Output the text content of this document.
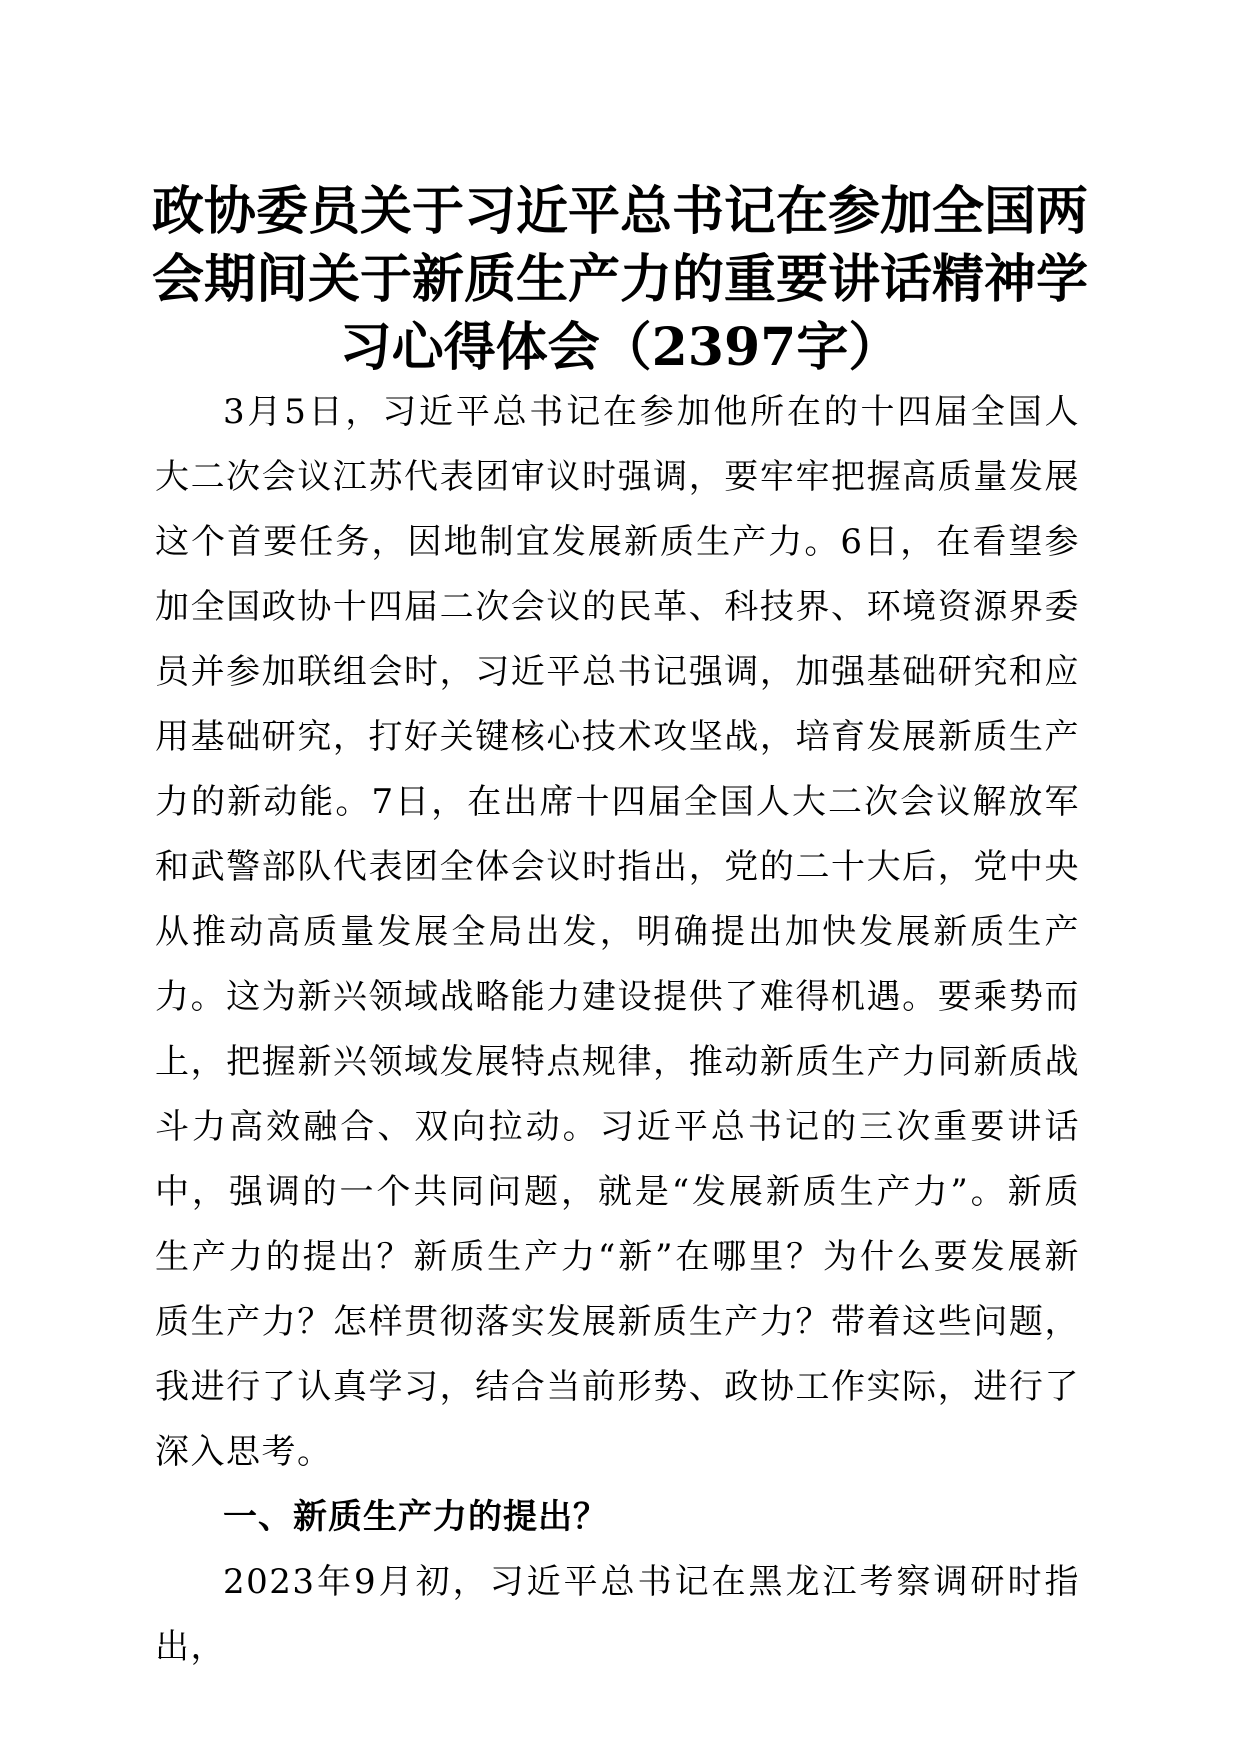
政协委员关于习近平总书记在参加全国两会期间关于新质生产力的重要讲话精神学习心得体会（2397字）

3月5日，习近平总书记在参加他所在的十四届全国人大二次会议江苏代表团审议时强调，要牢牢把握高质量发展这个首要任务，因地制宜发展新质生产力。6日，在看望参加全国政协十四届二次会议的民革、科技界、环境资源界委员并参加联组会时，习近平总书记强调，加强基础研究和应用基础研究，打好关键核心技术攻坚战，培育发展新质生产力的新动能。7日，在出席十四届全国人大二次会议解放军和武警部队代表团全体会议时指出，党的二十大后，党中央从推动高质量发展全局出发，明确提出加快发展新质生产力。这为新兴领域战略能力建设提供了难得机遇。要乘势而上，把握新兴领域发展特点规律，推动新质生产力同新质战斗力高效融合、双向拉动。习近平总书记的三次重要讲话中，强调的一个共同问题，就是“发展新质生产力”。新质生产力的提出？新质生产力“新”在哪里？为什么要发展新质生产力？怎样贯彻落实发展新质生产力？带着这些问题，我进行了认真学习，结合当前形势、政协工作实际，进行了深入思考。

一、新质生产力的提出？

2023年9月初，习近平总书记在黑龙江考察调研时指出，
